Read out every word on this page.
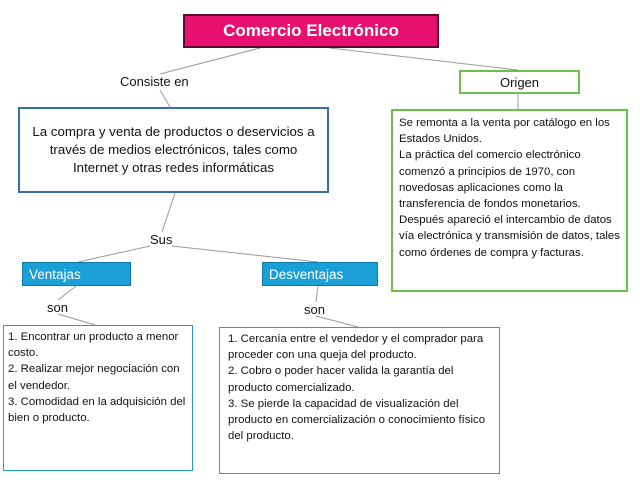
Comercio Electrónico
Consiste en	Origen
La compra y venta de productos o deservicios a través de medios electrónicos, tales como Internet y otras redes informáticas

Se remonta a la venta por catálogo en los Estados Unidos.

La práctica del comercio electrónico comenzó a principios de 1970, con novedosas aplicaciones como la transferencia de fondos monetarios.

Después apareció el intercambio de datos vía electrónica y transmisión de datos, tales como órdenes de compra y facturas.

Sus
Ventajas	Desventajas
son	son

1. Encontrar un producto a menor costo.

2. Realizar mejor negociación con el vendedor.

3. Comodidad en la adquisición del bien o producto.

1. Cercanía entre el vendedor y el comprador para proceder con una queja del producto.

2. Cobro o poder hacer valida la garantía del producto comercializado.

3. Se pierde la capacidad de visualización del producto en comercialización o conocimiento físico del producto.
